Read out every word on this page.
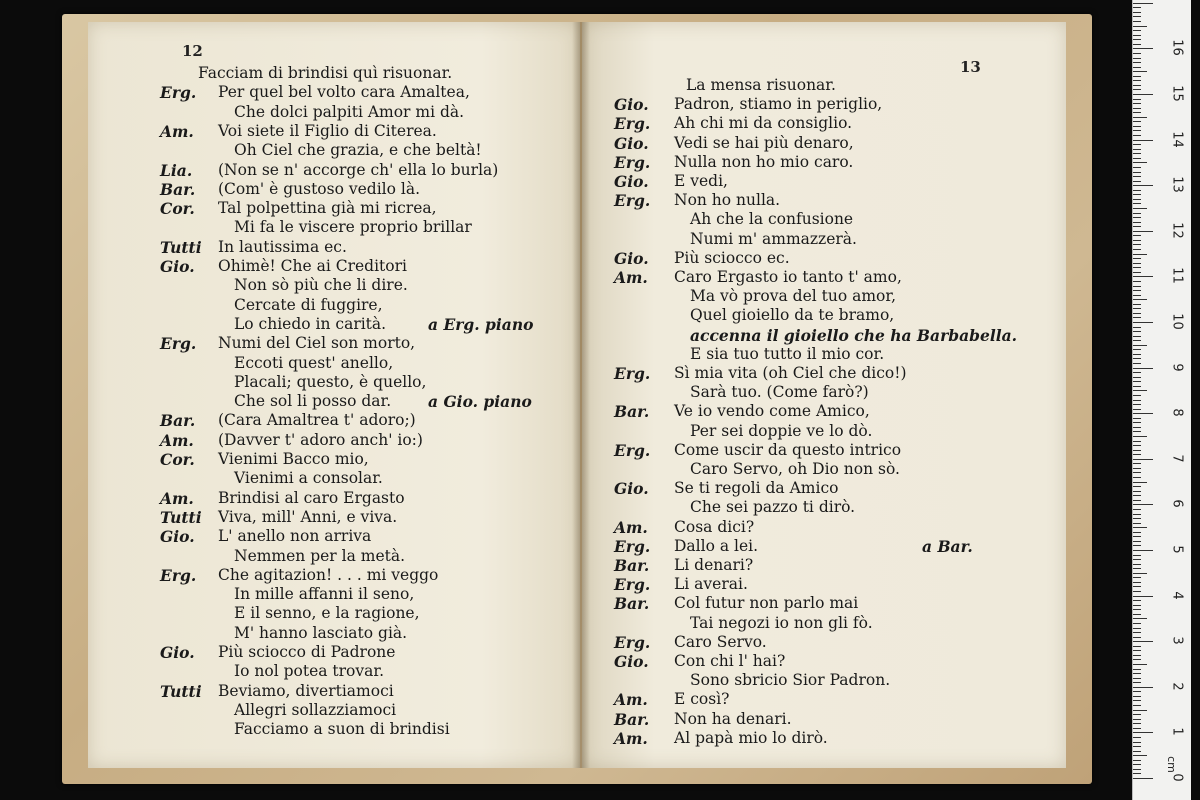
12
Facciam di brindisi quì risuonar.
Erg. Per quel bel volto cara Amaltea,
Che dolci palpiti Amor mi dà.
Am. Voi siete il Figlio di Citerea.
Oh Ciel che grazia, e che beltà!
Lia. (Non se n' accorge ch' ella lo burla)
Bar. (Com' è gustoso vedilo là.
Cor. Tal polpettina già mi ricrea,
Mi fa le viscere proprio brillar
Tutti In lautissima ec.
Gio. Ohimè! Che ai Creditori
Non sò più che li dire.
Cercate di fuggire,
Lo chiedo in carità.	a Erg. piano
Erg. Numi del Ciel son morto,
Eccoti quest' anello,
Placali; questo, è quello,
Che sol li posso dar. a Gio. piano
Bar. (Cara Amaltrea t' adoro;)
Am. (Davver t' adoro anch' io:)
Cor. Vienimi Bacco mio,
Vienimi a consolar.
Am. Brindisi al caro Ergasto
Tutti Viva, mill' Anni, e viva.
Gio. L' anello non arriva
Nemmen per la metà.
Erg. Che agitazion! . . . mi veggo
In mille affanni il seno,
E il senno, e la ragione,
M' hanno lasciato già.
Gio. Più sciocco di Padrone
Io nol potea trovar.
Tutti Beviamo, divertiamoci
Allegri sollazziamoci
Facciamo a suon di brindisi
13
La mensa risuonar.
Gio. Padron, stiamo in periglio,
Erg. Ah chi mi da consiglio.
Gio. Vedi se hai più denaro,
Erg. Nulla non ho mio caro.
Gio. E vedi,
Erg. Non ho nulla.
Ah che la confusione
Numi m' ammazzerà.
Gio. Più sciocco ec.
Am. Caro Ergasto io tanto t' amo,
Ma vò prova del tuo amor,
Quel gioiello da te bramo,
accenna il gioiello che ha Barbabella.
E sia tuo tutto il mio cor.
Erg. Sì mia vita (oh Ciel che dico!)
Sarà tuo. (Come farò?)
Bar. Ve io vendo come Amico,
Per sei doppie ve lo dò.
Erg. Come uscir da questo intrico
Caro Servo, oh Dio non sò.
Gio. Se ti regoli da Amico
Che sei pazzo ti dirò.
Am. Cosa dici?
Erg. Dallo a lei.	a Bar.
Bar. Li denari?
Erg. Li averai.
Bar. Col futur non parlo mai
Tai negozi io non gli fò.
Erg. Caro Servo.
Gio. Con chi l' hai?
Sono sbricio Sior Padron.
Am. E così?
Bar. Non ha denari.
Am. Al papà mio lo dirò.
cm
0
1
2
3
4
5
6
7
8
9
10
11
12
13
14
15
16
